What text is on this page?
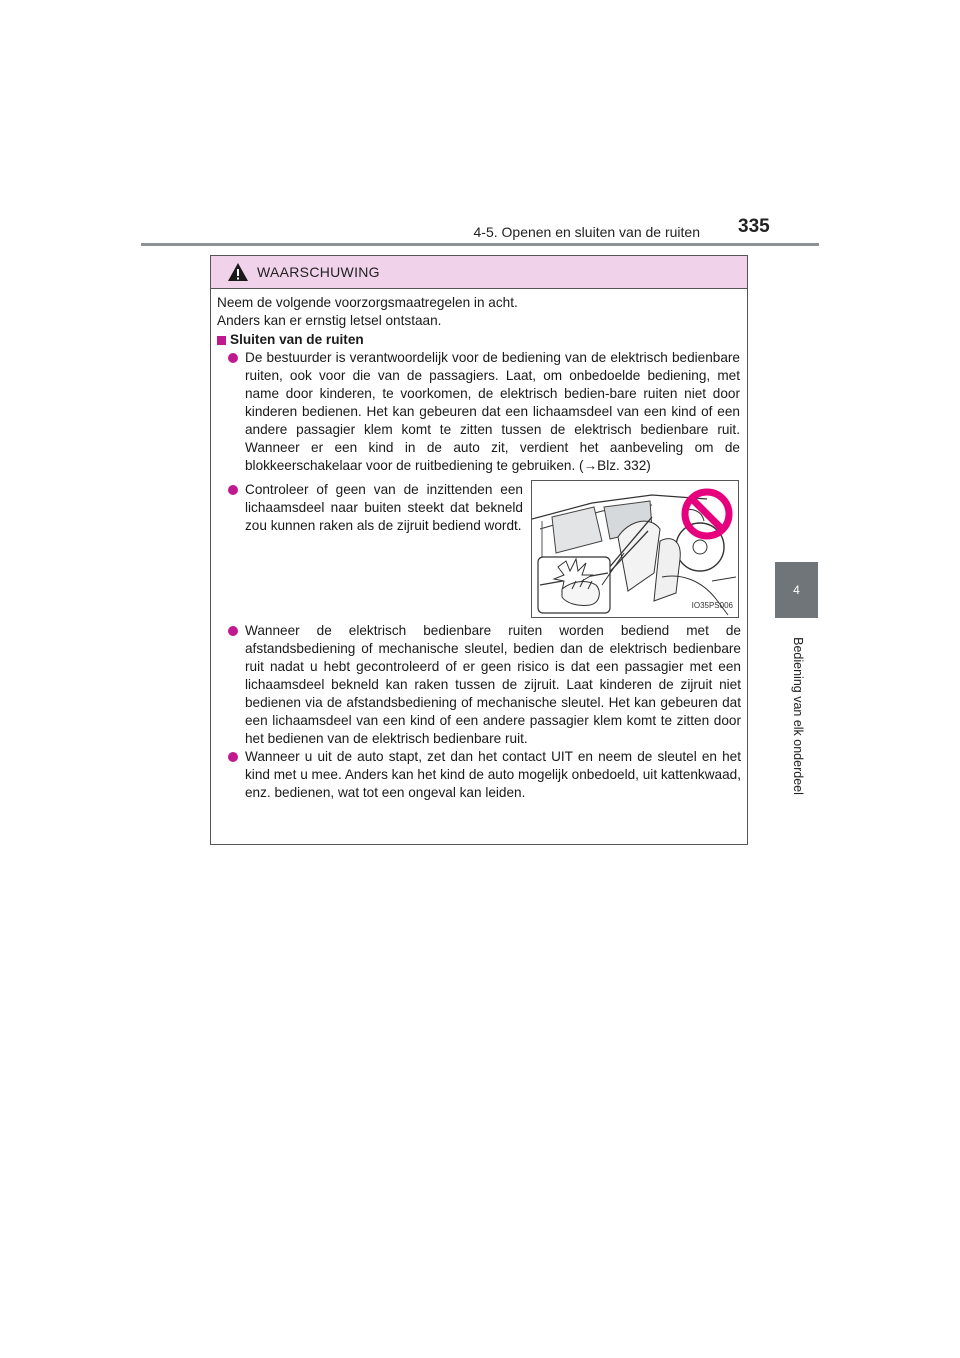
4-5. Openen en sluiten van de ruiten 335
4
Bediening van elk onderdeel
WAARSCHUWING

Neem de volgende voorzorgsmaatregelen in acht.

Anders kan er ernstig letsel ontstaan.

Sluiten van de ruiten
De bestuurder is verantwoordelijk voor de bediening van de elektrisch bedienbare ruiten, ook voor die van de passagiers. Laat, om onbedoelde bediening, met name door kinderen, te voorkomen, de elektrisch bedien-bare ruiten niet door kinderen bedienen. Het kan gebeuren dat een lichaamsdeel van een kind of een andere passagier klem komt te zitten tussen de elektrisch bedienbare ruit. Wanneer er een kind in de auto zit, verdient het aanbeveling om de blokkeerschakelaar voor de ruitbediening te gebruiken. (→Blz. 332)
Controleer of geen van de inzittenden een lichaamsdeel naar buiten steekt dat bekneld zou kunnen raken als de zijruit bediend wordt.
IO35PS006
Wanneer de elektrisch bedienbare ruiten worden bediend met de afstandsbediening of mechanische sleutel, bedien dan de elektrisch bedienbare ruit nadat u hebt gecontroleerd of er geen risico is dat een passagier met een lichaamsdeel bekneld kan raken tussen de zijruit. Laat kinderen de zijruit niet bedienen via de afstandsbediening of mechanische sleutel. Het kan gebeuren dat een lichaamsdeel van een kind of een andere passagier klem komt te zitten door het bedienen van de elektrisch bedienbare ruit.
Wanneer u uit de auto stapt, zet dan het contact UIT en neem de sleutel en het kind met u mee. Anders kan het kind de auto mogelijk onbedoeld, uit kattenkwaad, enz. bedienen, wat tot een ongeval kan leiden.
